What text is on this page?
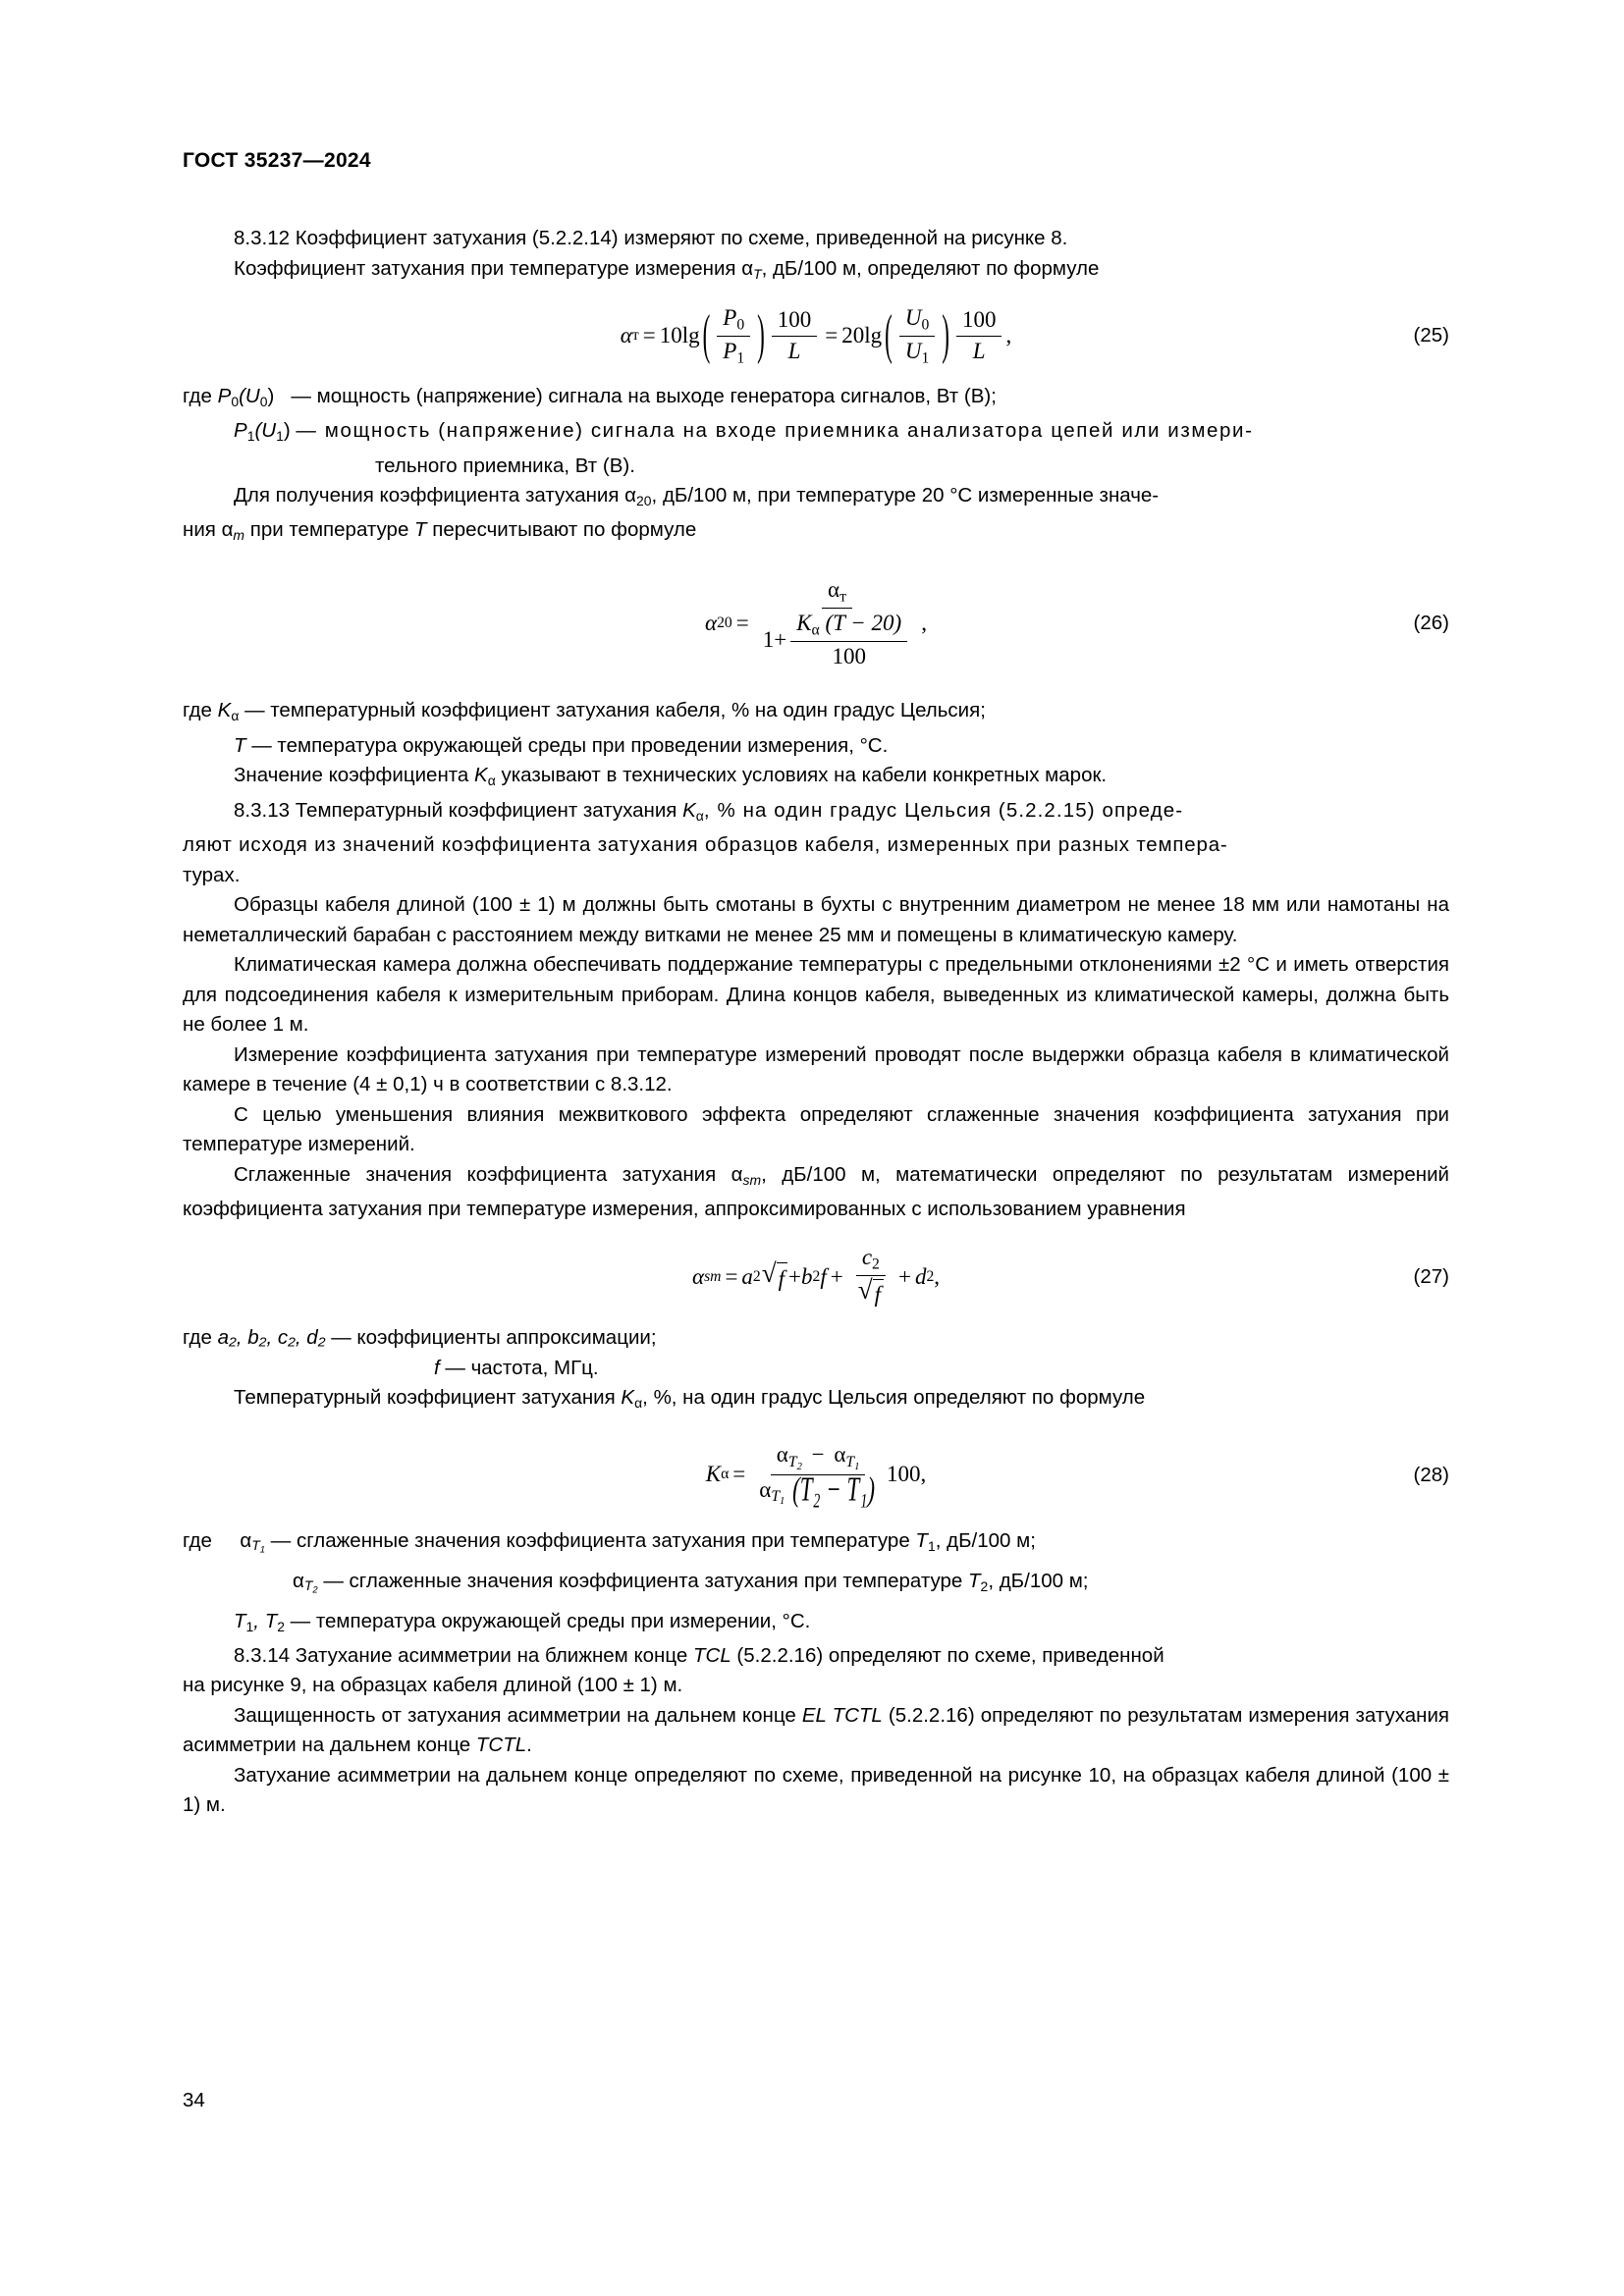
ГОСТ 35237—2024

8.3.12 Коэффициент затухания (5.2.2.14) измеряют по схеме, приведенной на рисунке 8.

Коэффициент затухания при температуре измерения $\alpha_T$, дБ/100 м, определяют по формуле

α т = 10lg ( $\frac{P_0}{P_1}$ ) $\frac{100}{L} = 20\lg$ ( $\frac{U_0}{U_1}$ ) $\frac{100}{L}$ ,	(25)

где $P_0(U_0)$ — мощность (напряжение) сигнала на выходе генератора сигналов, Вт (В);

$P_1(U_1)$ — мощность (напряжение) сигнала на входе приемника анализатора цепей или измери-

тельного приемника, Вт (В).

Для получения коэффициента затухания $\alpha_{20}$, дБ/100 м, при температуре 20 °C измеренные значе-

ния $\alpha_т$ при температуре T пересчитывают по формуле

α $20 = \frac{\alpha_т}{1+ \frac{K_\alpha (T - 20)}{100}}$ ,	(26)

где $K_\alpha$ — температурный коэффициент затухания кабеля, % на один градус Цельсия;

T — температура окружающей среды при проведении измерения, °C.

Значение коэффициента $K_\alpha$ указывают в технических условиях на кабели конкретных марок.

8.3.13 Температурный коэффициент затухания $K_\alpha$, % на один градус Цельсия (5.2.2.15) опреде-

ляют исходя из значений коэффициента затухания образцов кабеля, измеренных при разных темпера-

турах.

Образцы кабеля длиной (100 ± 1) м должны быть смотаны в бухты с внутренним диаметром не менее 18 мм или намотаны на неметаллический барабан с расстоянием между витками не менее 25 мм и помещены в климатическую камеру.

Климатическая камера должна обеспечивать поддержание температуры с предельными отклонениями ±2 °C и иметь отверстия для подсоединения кабеля к измерительным приборам. Длина концов кабеля, выведенных из климатической камеры, должна быть не более 1 м.

Измерение коэффициента затухания при температуре измерений проводят после выдержки образца кабеля в климатической камере в течение (4 ± 0,1) ч в соответствии с 8.3.12.

С целью уменьшения влияния межвиткового эффекта определяют сглаженные значения коэффициента затухания при температуре измерений.

Сглаженные значения коэффициента затухания $\alpha_{sm}$, дБ/100 м, математически определяют по результатам измерений коэффициента затухания при температуре измерения, аппроксимированных с использованием уравнения

α sm = a 2 √ f + b 2 $f + \frac{c_2}{√ f} + d$ 2 ,	(27)

где a₂, b₂, c₂, d₂ — коэффициенты аппроксимации;

f — частота, МГц.

Температурный коэффициент затухания $K_\alpha$, %, на один градус Цельсия определяют по формуле

K $\alpha = \frac{\alpha_{T_2} - \alpha_{T_1}}{\alpha_{T_1} (T_2 - T_1)} 100$,	(28)

где $\alpha_{T_1}$ — сглаженные значения коэффициента затухания при температуре $T_1$, дБ/100 м;

$\alpha_{T_2}$ — сглаженные значения коэффициента затухания при температуре $T_2$, дБ/100 м;

$T_1$, $T_2$ — температура окружающей среды при измерении, °C.

8.3.14 Затухание асимметрии на ближнем конце TCL (5.2.2.16) определяют по схеме, приведенной

на рисунке 9, на образцах кабеля длиной (100 ± 1) м.

Защищенность от затухания асимметрии на дальнем конце EL TCTL (5.2.2.16) определяют по результатам измерения затухания асимметрии на дальнем конце TCTL.

Затухание асимметрии на дальнем конце определяют по схеме, приведенной на рисунке 10, на образцах кабеля длиной (100 ± 1) м.

34
